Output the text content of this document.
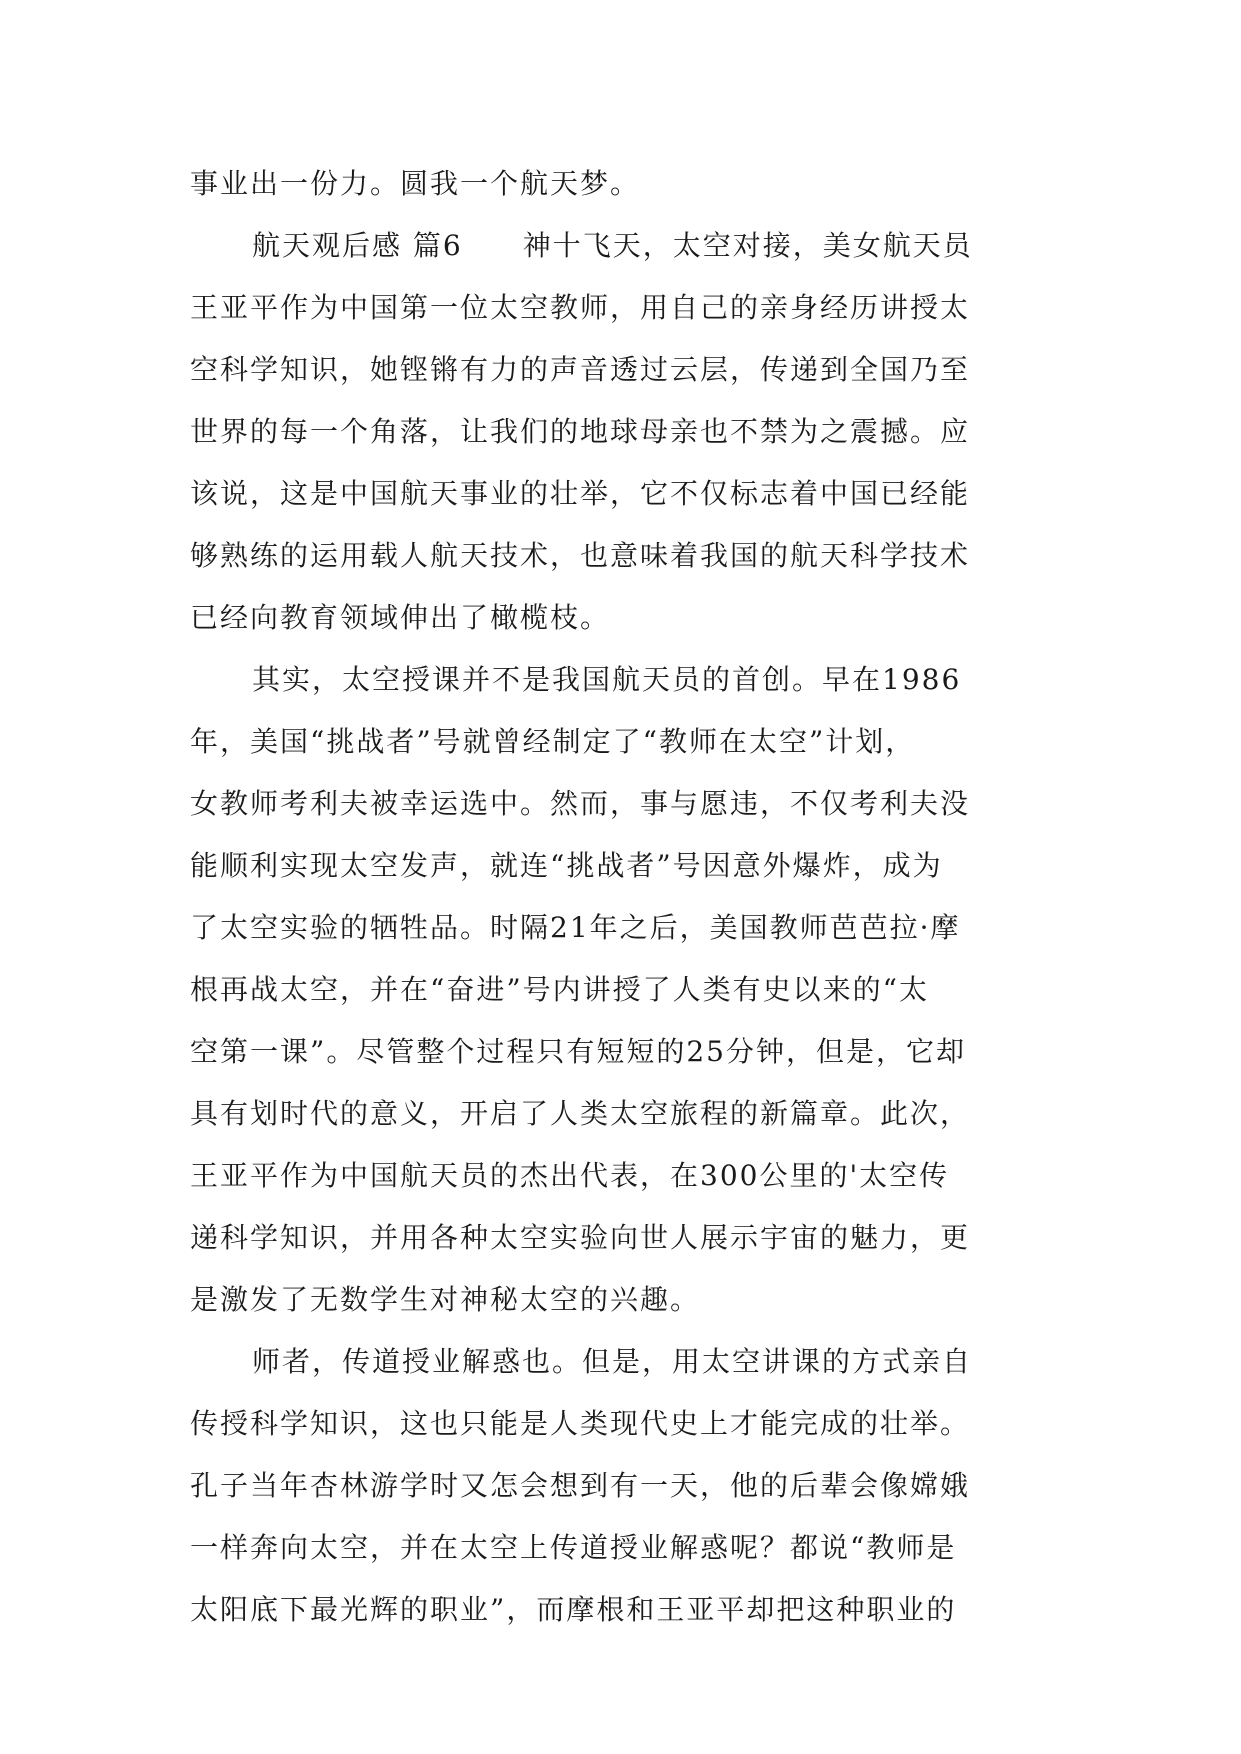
事业出一份力。圆我一个航天梦。
航天观后感 篇6　　神十飞天，太空对接，美女航天员
王亚平作为中国第一位太空教师，用自己的亲身经历讲授太
空科学知识，她铿锵有力的声音透过云层，传递到全国乃至
世界的每一个角落，让我们的地球母亲也不禁为之震撼。应
该说，这是中国航天事业的壮举，它不仅标志着中国已经能
够熟练的运用载人航天技术，也意味着我国的航天科学技术
已经向教育领域伸出了橄榄枝。
其实，太空授课并不是我国航天员的首创。早在1986
年，美国“挑战者”号就曾经制定了“教师在太空”计划，
女教师考利夫被幸运选中。然而，事与愿违，不仅考利夫没
能顺利实现太空发声，就连“挑战者”号因意外爆炸，成为
了太空实验的牺牲品。时隔21年之后，美国教师芭芭拉·摩
根再战太空，并在“奋进”号内讲授了人类有史以来的“太
空第一课”。尽管整个过程只有短短的25分钟，但是，它却
具有划时代的意义，开启了人类太空旅程的新篇章。此次，
王亚平作为中国航天员的杰出代表，在300公里的'太空传
递科学知识，并用各种太空实验向世人展示宇宙的魅力，更
是激发了无数学生对神秘太空的兴趣。
师者，传道授业解惑也。但是，用太空讲课的方式亲自
传授科学知识，这也只能是人类现代史上才能完成的壮举。
孔子当年杏林游学时又怎会想到有一天，他的后辈会像嫦娥
一样奔向太空，并在太空上传道授业解惑呢？都说“教师是
太阳底下最光辉的职业”，而摩根和王亚平却把这种职业的
